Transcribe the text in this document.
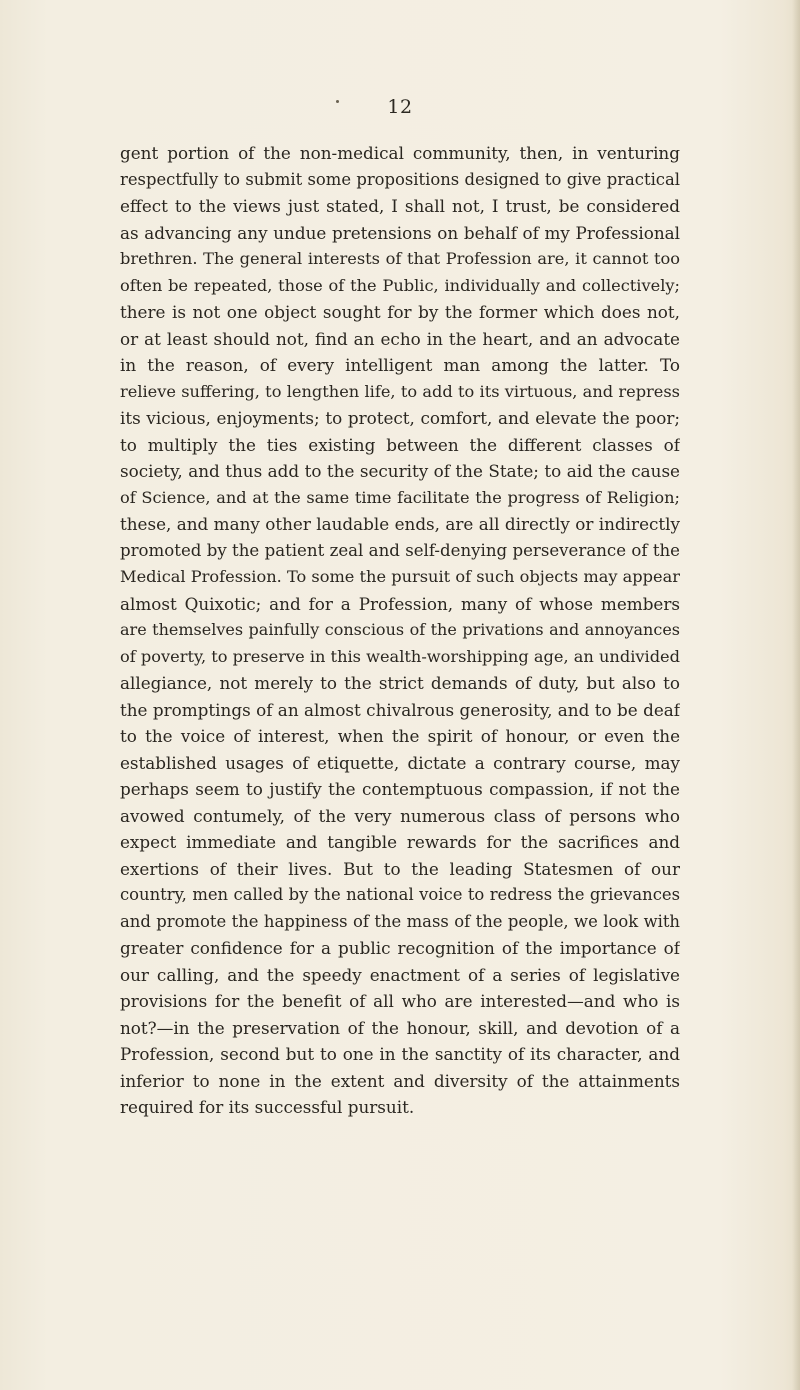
12
gent portion of the non-medical community, then, in venturing
respectfully to submit some propositions designed to give practical
effect to the views just stated, I shall not, I trust, be considered
as advancing any undue pretensions on behalf of my Professional
brethren. The general interests of that Profession are, it cannot too
often be repeated, those of the Public, individually and collectively;
there is not one object sought for by the former which does not,
or at least should not, find an echo in the heart, and an advocate
in the reason, of every intelligent man among the latter. To
relieve suffering, to lengthen life, to add to its virtuous, and repress
its vicious, enjoyments; to protect, comfort, and elevate the poor;
to multiply the ties existing between the different classes of
society, and thus add to the security of the State; to aid the cause
of Science, and at the same time facilitate the progress of Religion;
these, and many other laudable ends, are all directly or indirectly
promoted by the patient zeal and self-denying perseverance of the
Medical Profession. To some the pursuit of such objects may appear
almost Quixotic; and for a Profession, many of whose members
are themselves painfully conscious of the privations and annoyances
of poverty, to preserve in this wealth-worshipping age, an undivided
allegiance, not merely to the strict demands of duty, but also to
the promptings of an almost chivalrous generosity, and to be deaf
to the voice of interest, when the spirit of honour, or even the
established usages of etiquette, dictate a contrary course, may
perhaps seem to justify the contemptuous compassion, if not the
avowed contumely, of the very numerous class of persons who
expect immediate and tangible rewards for the sacrifices and
exertions of their lives. But to the leading Statesmen of our
country, men called by the national voice to redress the grievances
and promote the happiness of the mass of the people, we look with
greater confidence for a public recognition of the importance of
our calling, and the speedy enactment of a series of legislative
provisions for the benefit of all who are interested—and who is
not?—in the preservation of the honour, skill, and devotion of a
Profession, second but to one in the sanctity of its character, and
inferior to none in the extent and diversity of the attainments
required for its successful pursuit.
